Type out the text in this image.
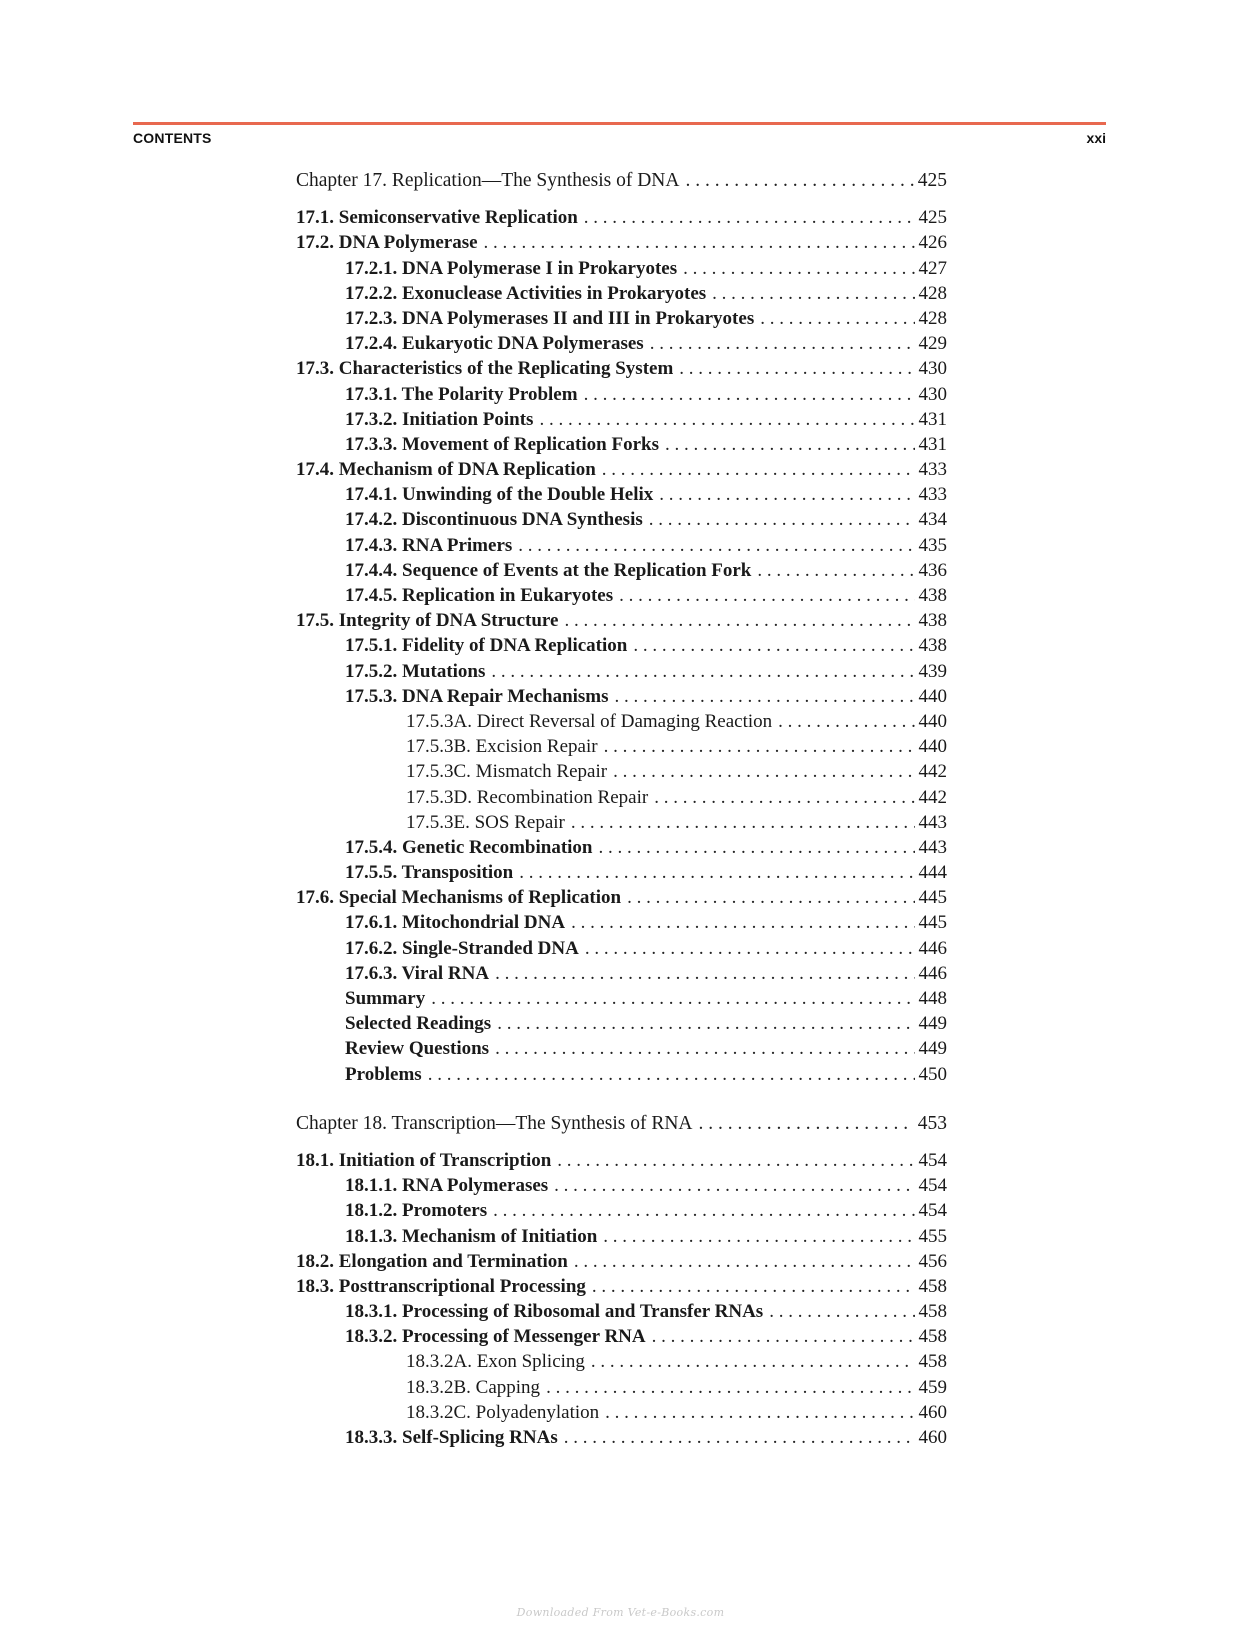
CONTENTS	xxi
Chapter 17. Replication—The Synthesis of DNA . . .	425
17.1. Semiconservative Replication . . .	425
17.2. DNA Polymerase . . .	426
17.2.1. DNA Polymerase I in Prokaryotes . . .	427
17.2.2. Exonuclease Activities in Prokaryotes . . .	428
17.2.3. DNA Polymerases II and III in Prokaryotes . . .	428
17.2.4. Eukaryotic DNA Polymerases . . .	429
17.3. Characteristics of the Replicating System . . .	430
17.3.1. The Polarity Problem . . .	430
17.3.2. Initiation Points . . .	431
17.3.3. Movement of Replication Forks . . .	431
17.4. Mechanism of DNA Replication . . .	433
17.4.1. Unwinding of the Double Helix . . .	433
17.4.2. Discontinuous DNA Synthesis . . .	434
17.4.3. RNA Primers . . .	435
17.4.4. Sequence of Events at the Replication Fork . . .	436
17.4.5. Replication in Eukaryotes . . .	438
17.5. Integrity of DNA Structure . . .	438
17.5.1. Fidelity of DNA Replication . . .	438
17.5.2. Mutations . . .	439
17.5.3. DNA Repair Mechanisms . . .	440
17.5.3A. Direct Reversal of Damaging Reaction . . .	440
17.5.3B. Excision Repair . . .	440
17.5.3C. Mismatch Repair . . .	442
17.5.3D. Recombination Repair . . .	442
17.5.3E. SOS Repair . . .	443
17.5.4. Genetic Recombination . . .	443
17.5.5. Transposition . . .	444
17.6. Special Mechanisms of Replication . . .	445
17.6.1. Mitochondrial DNA . . .	445
17.6.2. Single-Stranded DNA . . .	446
17.6.3. Viral RNA . . .	446
Summary . . .	448
Selected Readings . . .	449
Review Questions . . .	449
Problems . . .	450
Chapter 18. Transcription—The Synthesis of RNA . . .	453
18.1. Initiation of Transcription . . .	454
18.1.1. RNA Polymerases . . .	454
18.1.2. Promoters . . .	454
18.1.3. Mechanism of Initiation . . .	455
18.2. Elongation and Termination . . .	456
18.3. Posttranscriptional Processing . . .	458
18.3.1. Processing of Ribosomal and Transfer RNAs . . .	458
18.3.2. Processing of Messenger RNA . . .	458
18.3.2A. Exon Splicing . . .	458
18.3.2B. Capping . . .	459
18.3.2C. Polyadenylation . . .	460
18.3.3. Self-Splicing RNAs . . .	460
Downloaded From Vet-e-Books.com
